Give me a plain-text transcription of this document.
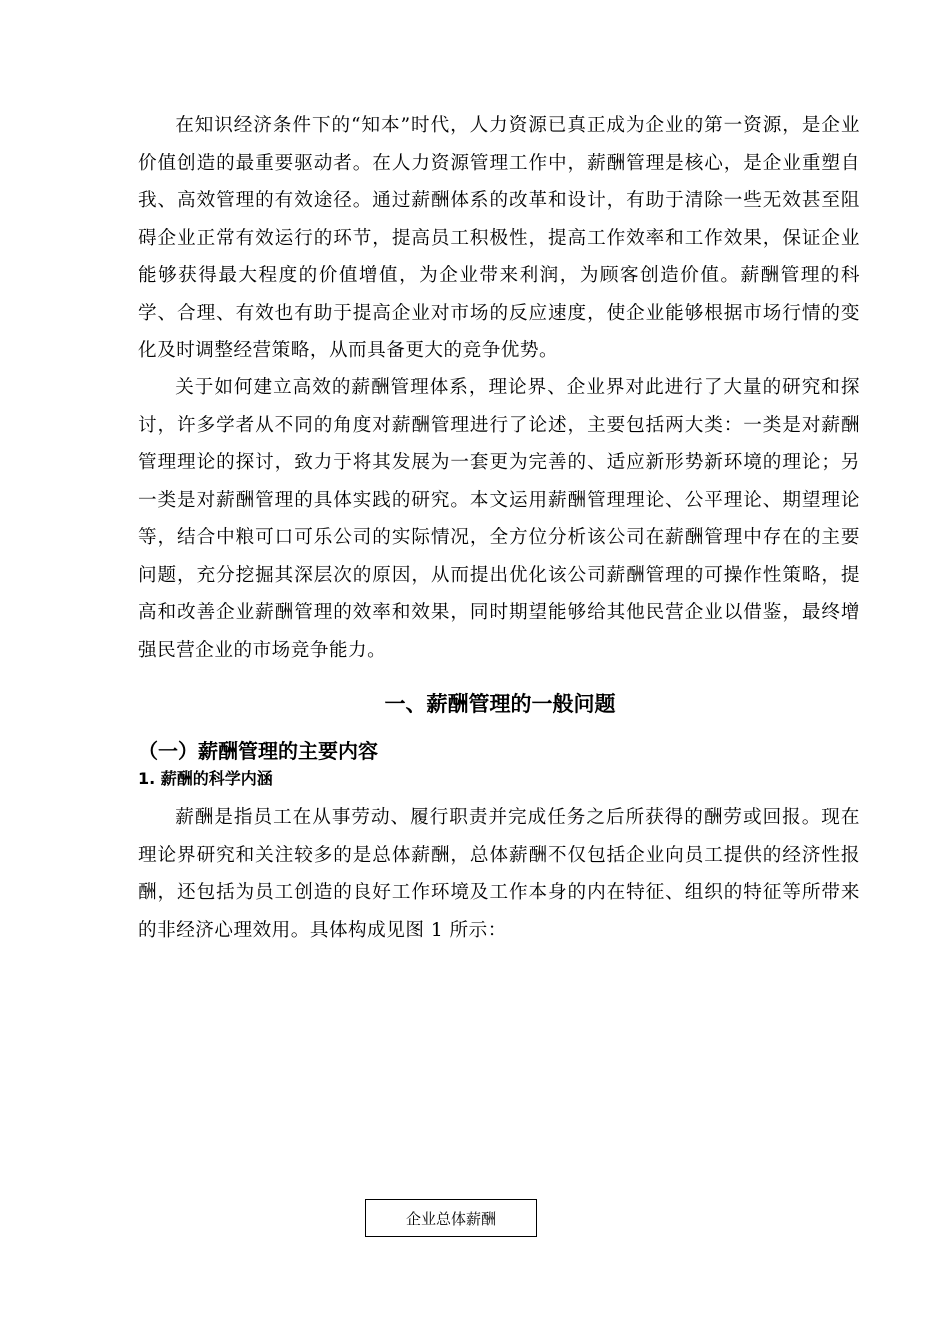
在知识经济条件下的“知本”时代，人力资源已真正成为企业的第一资源，是企业价值创造的最重要驱动者。在人力资源管理工作中，薪酬管理是核心，是企业重塑自我、高效管理的有效途径。通过薪酬体系的改革和设计，有助于清除一些无效甚至阻碍企业正常有效运行的环节，提高员工积极性，提高工作效率和工作效果，保证企业能够获得最大程度的价值增值，为企业带来利润，为顾客创造价值。薪酬管理的科学、合理、有效也有助于提高企业对市场的反应速度，使企业能够根据市场行情的变化及时调整经营策略，从而具备更大的竞争优势。

关于如何建立高效的薪酬管理体系，理论界、企业界对此进行了大量的研究和探讨，许多学者从不同的角度对薪酬管理进行了论述，主要包括两大类：一类是对薪酬管理理论的探讨，致力于将其发展为一套更为完善的、适应新形势新环境的理论；另一类是对薪酬管理的具体实践的研究。本文运用薪酬管理理论、公平理论、期望理论等，结合中粮可口可乐公司的实际情况，全方位分析该公司在薪酬管理中存在的主要问题，充分挖掘其深层次的原因，从而提出优化该公司薪酬管理的可操作性策略，提高和改善企业薪酬管理的效率和效果，同时期望能够给其他民营企业以借鉴，最终增强民营企业的市场竞争能力。

一、薪酬管理的一般问题
（一）薪酬管理的主要内容
1. 薪酬的科学内涵

薪酬是指员工在从事劳动、履行职责并完成任务之后所获得的酬劳或回报。现在理论界研究和关注较多的是总体薪酬，总体薪酬不仅包括企业向员工提供的经济性报酬，还包括为员工创造的良好工作环境及工作本身的内在特征、组织的特征等所带来的非经济心理效用。具体构成见图 1 所示：

企业总体薪酬
